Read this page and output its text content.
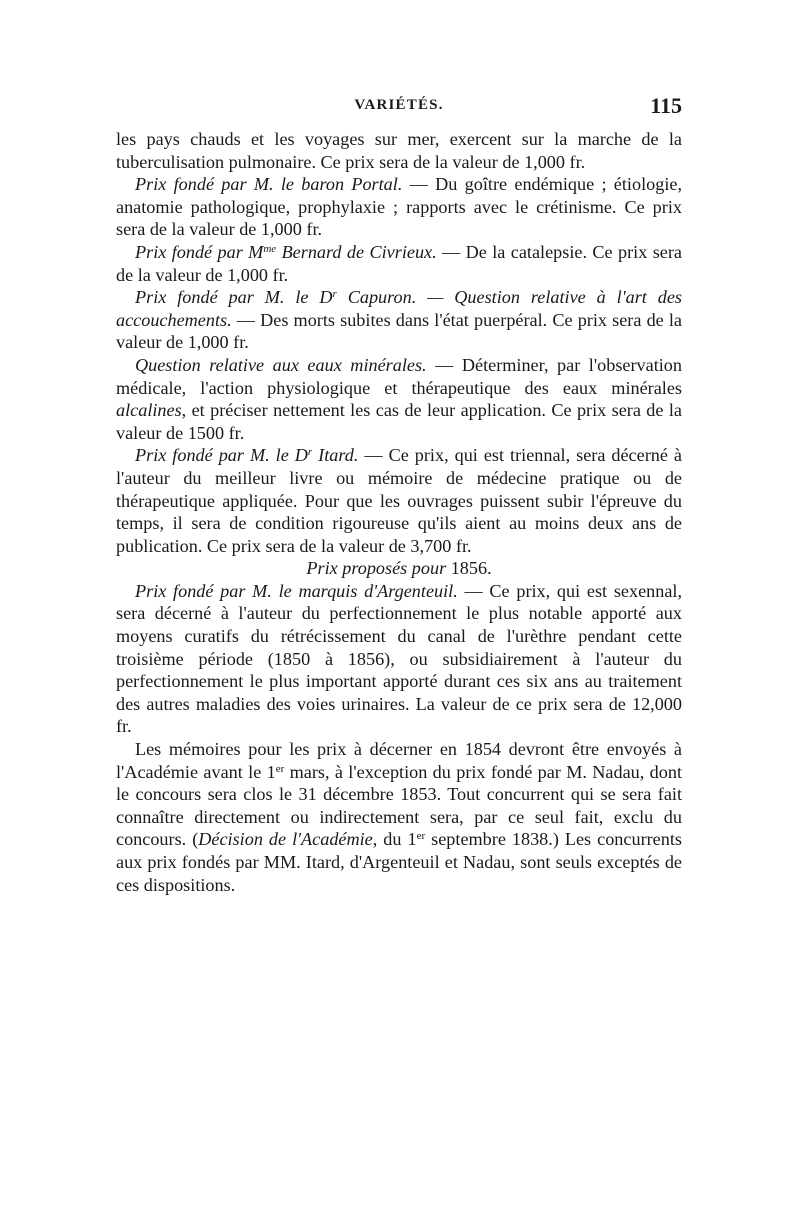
VARIÉTÉS.	115

les pays chauds et les voyages sur mer, exercent sur la marche de la tuberculisation pulmonaire. Ce prix sera de la valeur de 1,000 fr.

Prix fondé par M. le baron Portal. — Du goître endémique ; étiologie, anatomie pathologique, prophylaxie ; rapports avec le crétinisme. Ce prix sera de la valeur de 1,000 fr.

Prix fondé par $M^{me}$ Bernard de Civrieux. — De la catalepsie. Ce prix sera de la valeur de 1,000 fr.

Prix fondé par M. le $D^r$ Capuron. — Question relative à l'art des accouchements. — Des morts subites dans l'état puerpéral. Ce prix sera de la valeur de 1,000 fr.

Question relative aux eaux minérales. — Déterminer, par l'observation médicale, l'action physiologique et thérapeutique des eaux minérales alcalines, et préciser nettement les cas de leur application. Ce prix sera de la valeur de 1500 fr.

Prix fondé par M. le $D^r$ Itard. — Ce prix, qui est triennal, sera décerné à l'auteur du meilleur livre ou mémoire de médecine pratique ou de thérapeutique appliquée. Pour que les ouvrages puissent subir l'épreuve du temps, il sera de condition rigoureuse qu'ils aient au moins deux ans de publication. Ce prix sera de la valeur de 3,700 fr.

Prix proposés pour 1856.

Prix fondé par M. le marquis d'Argenteuil. — Ce prix, qui est sexennal, sera décerné à l'auteur du perfectionnement le plus notable apporté aux moyens curatifs du rétrécissement du canal de l'urèthre pendant cette troisième période (1850 à 1856), ou subsidiairement à l'auteur du perfectionnement le plus important apporté durant ces six ans au traitement des autres maladies des voies urinaires. La valeur de ce prix sera de 12,000 fr.

Les mémoires pour les prix à décerner en 1854 devront être envoyés à l'Académie avant le 1er mars, à l'exception du prix fondé par M. Nadau, dont le concours sera clos le 31 décembre 1853. Tout concurrent qui se sera fait connaître directement ou indirectement sera, par ce seul fait, exclu du concours. (Décision de l'Académie, du 1er septembre 1838.) Les concurrents aux prix fondés par MM. Itard, d'Argenteuil et Nadau, sont seuls exceptés de ces dispositions.
